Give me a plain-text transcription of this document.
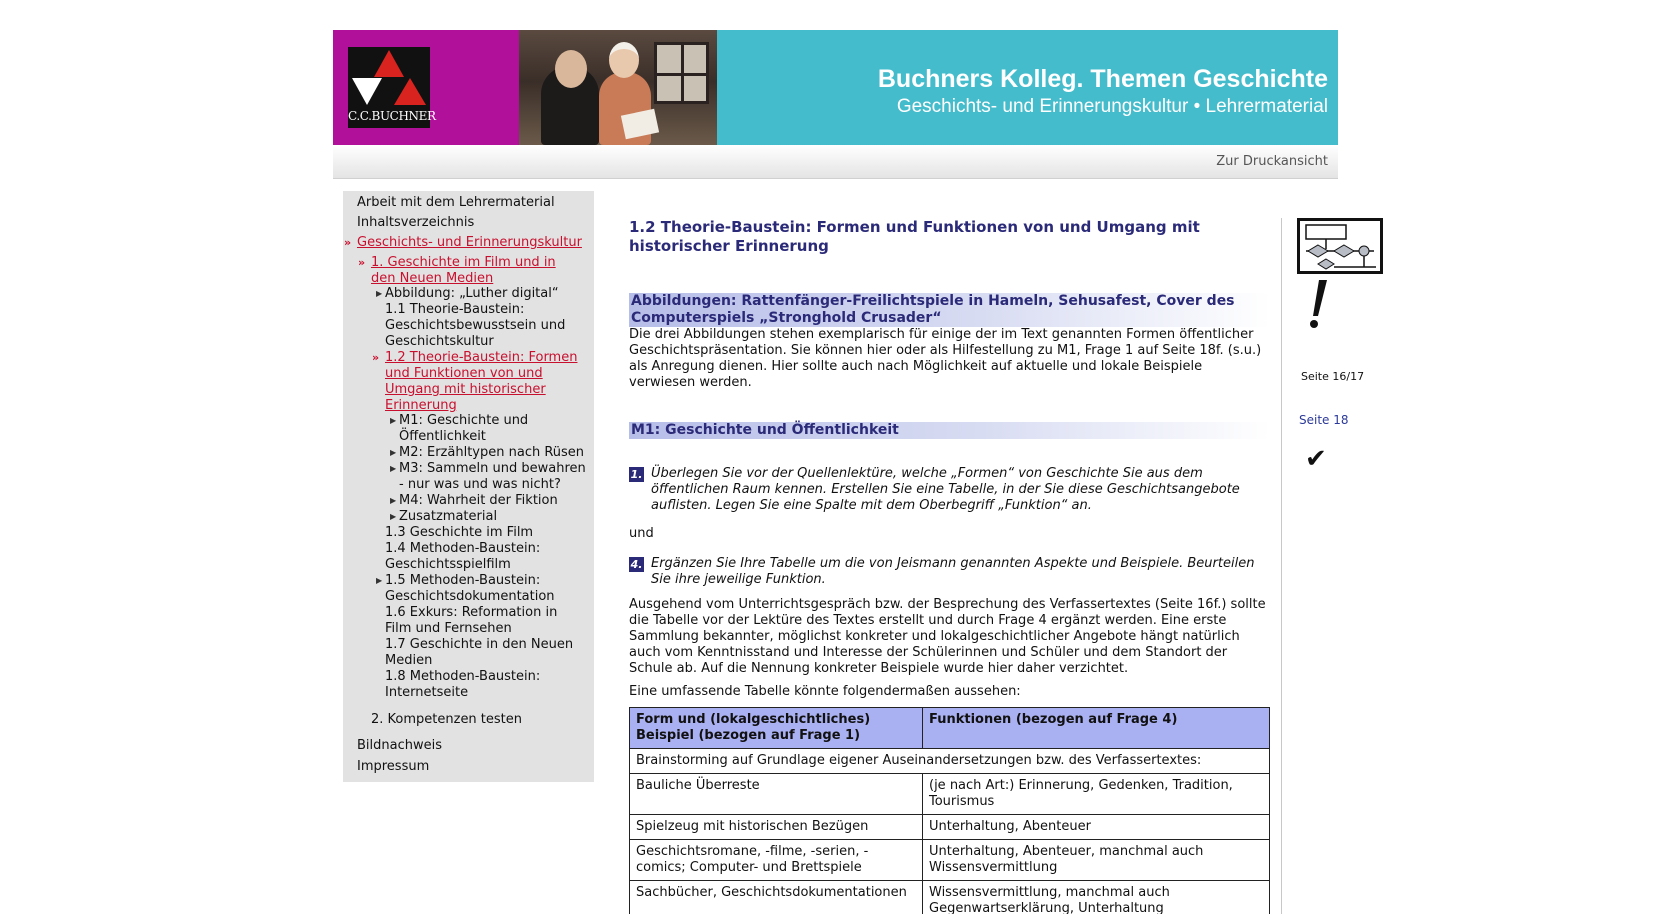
C.C.BUCHNER
Buchners Kolleg. Themen Geschichte
Geschichts- und Erinnerungskultur • Lehrermaterial
Zur Druckansicht
Arbeit mit dem Lehrermaterial
Inhaltsverzeichnis
» Geschichts- und Erinnerungskultur
» 1. Geschichte im Film und in den Neuen Medien
▶ Abbildung: „Luther digital“
1.1 Theorie-Baustein: Geschichtsbewusstsein und Geschichtskultur
» 1.2 Theorie-Baustein: Formen und Funktionen von und Umgang mit historischer Erinnerung
▶ M1: Geschichte und Öffentlichkeit
▶ M2: Erzähltypen nach Rüsen
▶ M3: Sammeln und bewahren - nur was und was nicht?
▶ M4: Wahrheit der Fiktion
▶ Zusatzmaterial
1.3 Geschichte im Film
1.4 Methoden-Baustein: Geschichtsspielfilm
▶ 1.5 Methoden-Baustein: Geschichtsdokumentation
1.6 Exkurs: Reformation in Film und Fernsehen
1.7 Geschichte in den Neuen Medien
1.8 Methoden-Baustein: Internetseite
2. Kompetenzen testen
Bildnachweis
Impressum
1.2 Theorie-Baustein: Formen und Funktionen von und Umgang mit historischer Erinnerung
Abbildungen: Rattenfänger-Freilichtspiele in Hameln, Sehusafest, Cover des Computerspiels „Stronghold Crusader“
Die drei Abbildungen stehen exemplarisch für einige der im Text genannten Formen öffentlicher Geschichtspräsentation. Sie können hier oder als Hilfestellung zu M1, Frage 1 auf Seite 18f. (s.u.) als Anregung dienen. Hier sollte auch nach Möglichkeit auf aktuelle und lokale Beispiele verwiesen werden.
M1: Geschichte und Öffentlichkeit
1. Überlegen Sie vor der Quellenlektüre, welche „Formen“ von Geschichte Sie aus dem öffentlichen Raum kennen. Erstellen Sie eine Tabelle, in der Sie diese Geschichtsangebote auflisten. Legen Sie eine Spalte mit dem Oberbegriff „Funktion“ an.
und
4. Ergänzen Sie Ihre Tabelle um die von Jeismann genannten Aspekte und Beispiele. Beurteilen Sie ihre jeweilige Funktion.
Ausgehend vom Unterrichtsgespräch bzw. der Besprechung des Verfassertextes (Seite 16f.) sollte die Tabelle vor der Lektüre des Textes erstellt und durch Frage 4 ergänzt werden. Eine erste Sammlung bekannter, möglichst konkreter und lokalgeschichtlicher Angebote hängt natürlich auch vom Kenntnisstand und Interesse der Schülerinnen und Schüler und dem Standort der Schule ab. Auf die Nennung konkreter Beispiele wurde hier daher verzichtet.
Eine umfassende Tabelle könnte folgendermaßen aussehen:
Form und (lokalgeschichtliches) Beispiel (bezogen auf Frage 1)	Funktionen (bezogen auf Frage 4)
Brainstorming auf Grundlage eigener Auseinandersetzungen bzw. des Verfassertextes:	
Bauliche Überreste	(je nach Art:) Erinnerung, Gedenken, Tradition, Tourismus
Spielzeug mit historischen Bezügen	Unterhaltung, Abenteuer
Geschichtsromane, -filme, -serien, -comics; Computer- und Brettspiele	Unterhaltung, Abenteuer, manchmal auch Wissensvermittlung
Sachbücher, Geschichtsdokumentationen	Wissensvermittlung, manchmal auch Gegenwartserklärung, Unterhaltung
Seite 16/17
Seite 18
✔
